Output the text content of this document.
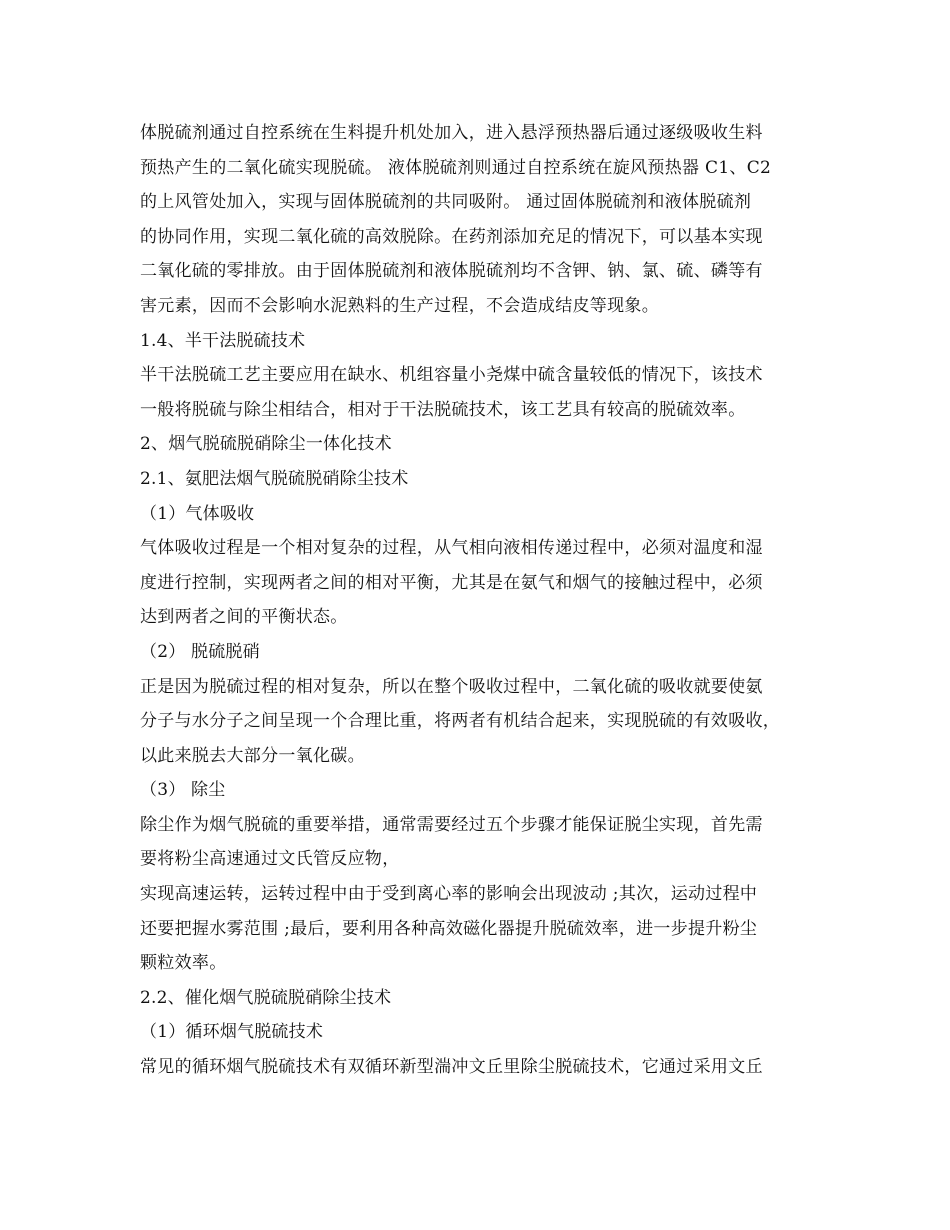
体脱硫剂通过自控系统在生料提升机处加入，进入悬浮预热器后通过逐级吸收生料
预热产生的二氧化硫实现脱硫。 液体脱硫剂则通过自控系统在旋风预热器 C1、C2
的上风管处加入，实现与固体脱硫剂的共同吸附。 通过固体脱硫剂和液体脱硫剂
的协同作用，实现二氧化硫的高效脱除。在药剂添加充足的情况下，可以基本实现
二氧化硫的零排放。由于固体脱硫剂和液体脱硫剂均不含钾、钠、氯、硫、磷等有
害元素，因而不会影响水泥熟料的生产过程，不会造成结皮等现象。
1.4、半干法脱硫技术
半干法脱硫工艺主要应用在缺水、机组容量小尧煤中硫含量较低的情况下，该技术
一般将脱硫与除尘相结合，相对于干法脱硫技术，该工艺具有较高的脱硫效率。
2、烟气脱硫脱硝除尘一体化技术
2.1、氨肥法烟气脱硫脱硝除尘技术
（1）气体吸收
气体吸收过程是一个相对复杂的过程，从气相向液相传递过程中，必须对温度和湿
度进行控制，实现两者之间的相对平衡，尤其是在氨气和烟气的接触过程中，必须
达到两者之间的平衡状态。
（2） 脱硫脱硝
正是因为脱硫过程的相对复杂，所以在整个吸收过程中，二氧化硫的吸收就要使氨
分子与水分子之间呈现一个合理比重，将两者有机结合起来，实现脱硫的有效吸收，
以此来脱去大部分一氧化碳。
（3） 除尘
除尘作为烟气脱硫的重要举措，通常需要经过五个步骤才能保证脱尘实现，首先需
要将粉尘高速通过文氏管反应物，
实现高速运转，运转过程中由于受到离心率的影响会出现波动 ;其次，运动过程中
还要把握水雾范围 ;最后，要利用各种高效磁化器提升脱硫效率，进一步提升粉尘
颗粒效率。
2.2、催化烟气脱硫脱硝除尘技术
（1）循环烟气脱硫技术
常见的循环烟气脱硫技术有双循环新型湍冲文丘里除尘脱硫技术，它通过采用文丘
